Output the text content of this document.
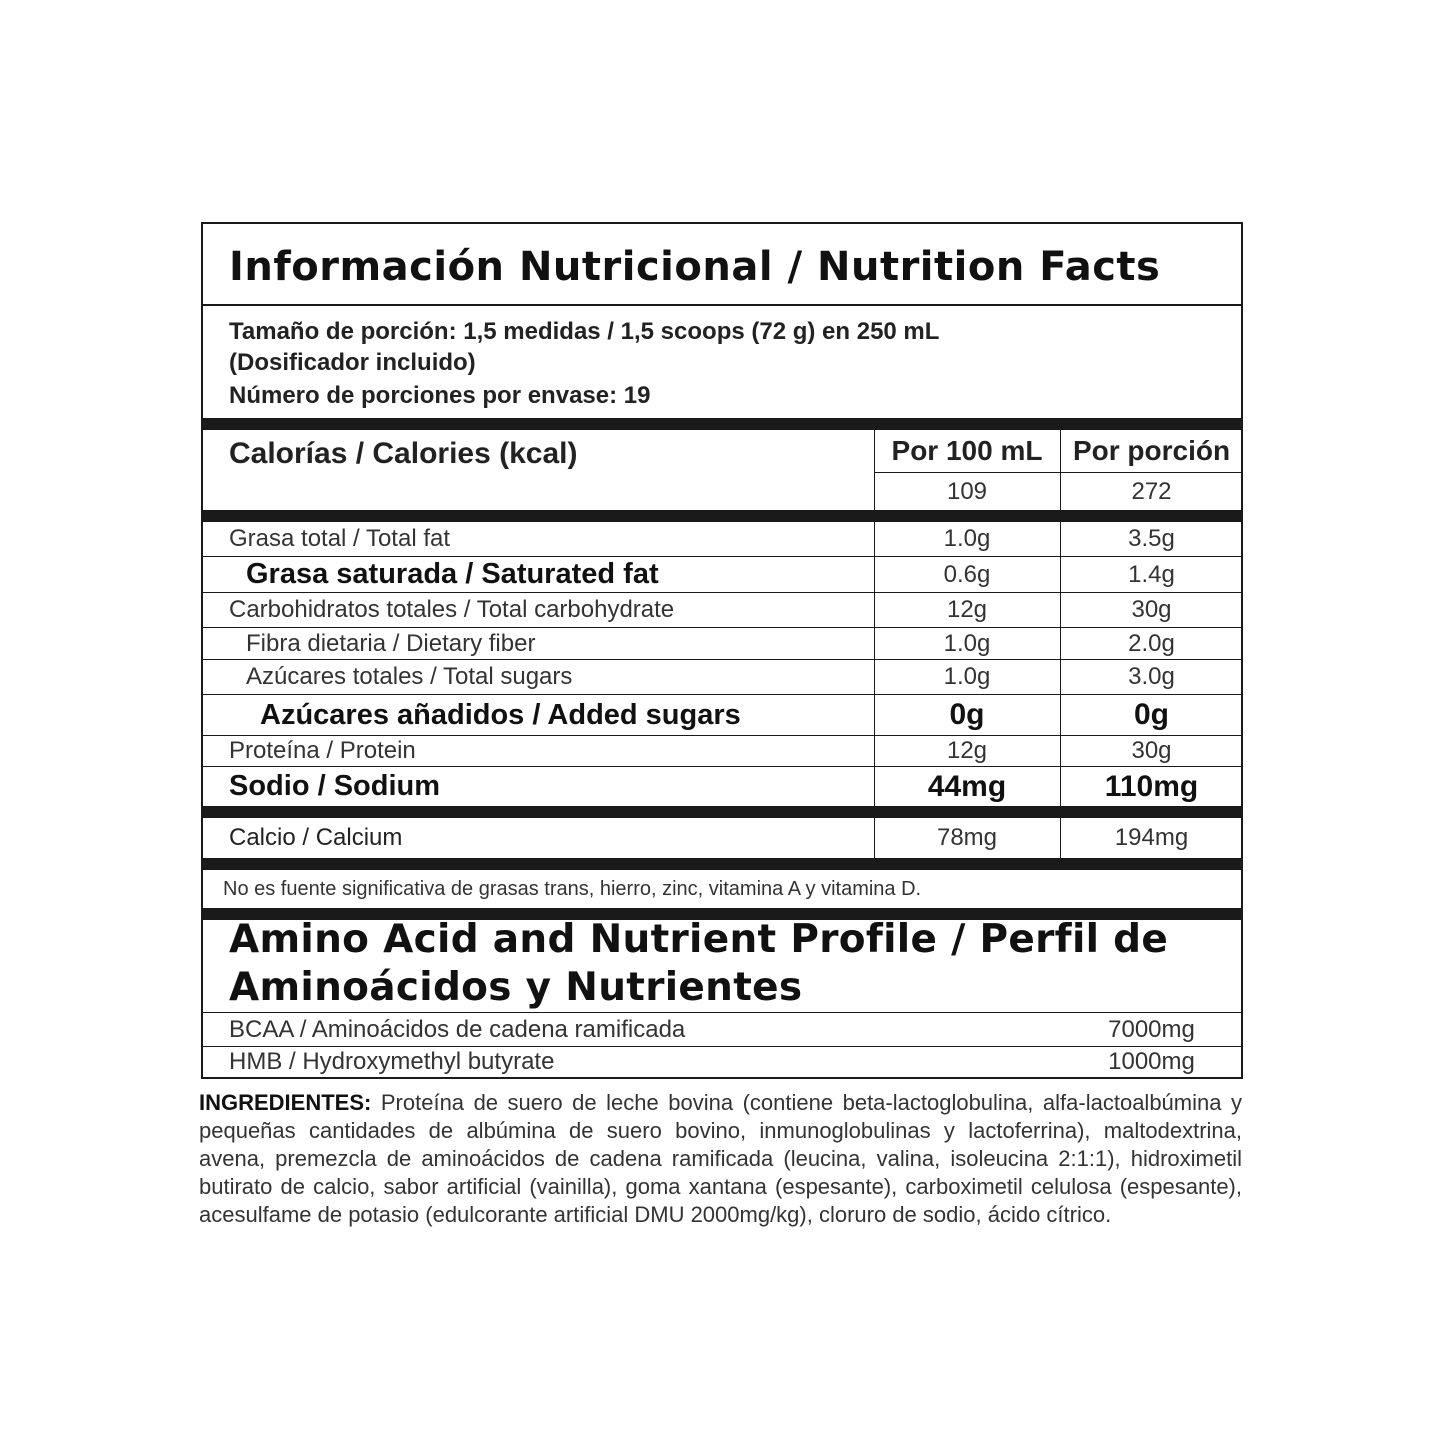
Información Nutricional / Nutrition Facts
Tamaño de porción: 1,5 medidas / 1,5 scoops (72 g) en 250 mL
(Dosificador incluido)
Número de porciones por envase: 19
Calorías / Calories (kcal)	Por 100 mL	Por porción
109	272
Grasa total / Total fat	1.0g	3.5g
Grasa saturada / Saturated fat	0.6g	1.4g
Carbohidratos totales / Total carbohydrate	12g	30g
Fibra dietaria / Dietary fiber	1.0g	2.0g
Azúcares totales / Total sugars	1.0g	3.0g
Azúcares añadidos / Added sugars	0g	0g
Proteína / Protein	12g	30g
Sodio / Sodium	44mg	110mg
Calcio / Calcium	78mg	194mg
No es fuente significativa de grasas trans, hierro, zinc, vitamina A y vitamina D.
Amino Acid and Nutrient Profile / Perfil de
Aminoácidos y Nutrientes
BCAA / Aminoácidos de cadena ramificada	7000mg
HMB / Hydroxymethyl butyrate	1000mg
INGREDIENTES: Proteína de suero de leche bovina (contiene beta-lactoglobulina, alfa-lactoalbúmina y pequeñas cantidades de albúmina de suero bovino, inmunoglobulinas y lactoferrina), maltodextrina, avena, premezcla de aminoácidos de cadena ramificada (leucina, valina, isoleucina 2:1:1), hidroximetil butirato de calcio, sabor artificial (vainilla), goma xantana (espesante), carboximetil celulosa (espesante), acesulfame de potasio (edulcorante artificial DMU 2000mg/kg), cloruro de sodio, ácido cítrico.
